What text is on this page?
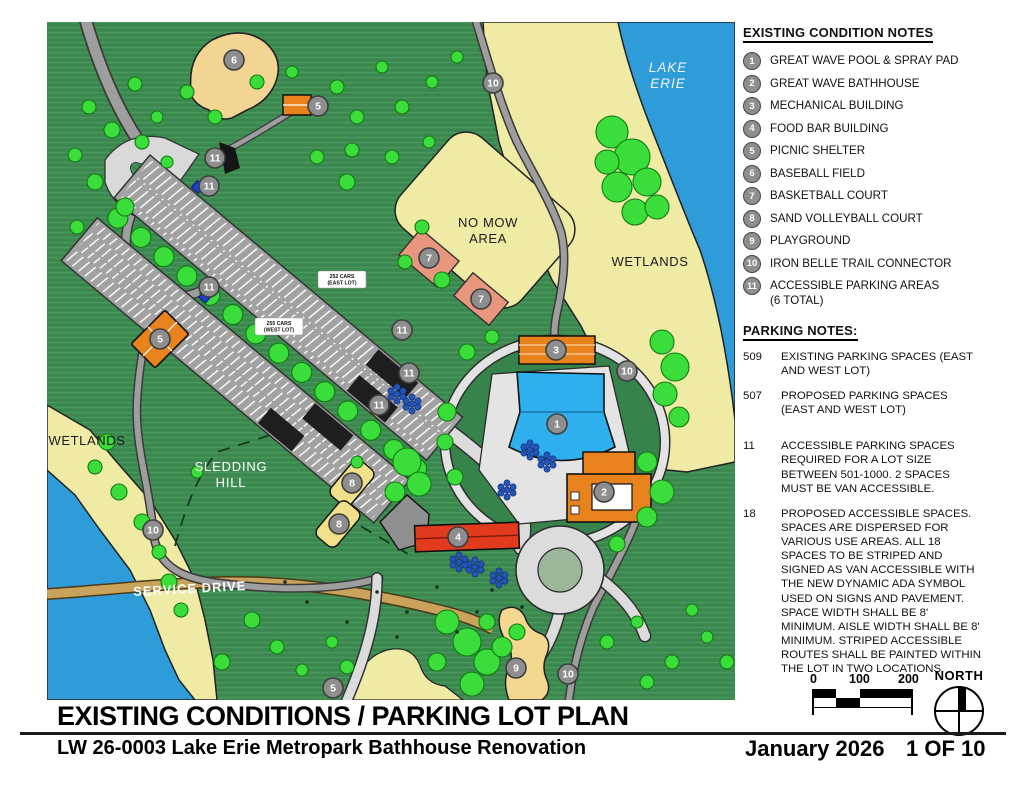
252 CARS (EAST LOT)
255 CARS (WEST LOT)
LAKE ERIE
WETLANDS
WETLANDS
NO MOW AREA
SLEDDING HILL
SERVICE DRIVE
1
2
3
4
5
5
5
6
7
7
8
8
9
10
10
10
10
11
11
11
11
11
11
EXISTING CONDITION NOTES
1	GREAT WAVE POOL & SPRAY PAD
2	GREAT WAVE BATHHOUSE
3	MECHANICAL BUILDING
4	FOOD BAR BUILDING
5	PICNIC SHELTER
6	BASEBALL FIELD
7	BASKETBALL COURT
8	SAND VOLLEYBALL COURT
9	PLAYGROUND
10	IRON BELLE TRAIL CONNECTOR
11	ACCESSIBLE PARKING AREAS
(6 TOTAL)
PARKING NOTES:
509	EXISTING PARKING SPACES (EAST AND WEST LOT)
507	PROPOSED PARKING SPACES (EAST AND WEST LOT)
11	ACCESSIBLE PARKING SPACES REQUIRED FOR A LOT SIZE BETWEEN 501-1000. 2 SPACES MUST BE VAN ACCESSIBLE.
18	PROPOSED ACCESSIBLE SPACES. SPACES ARE DISPERSED FOR VARIOUS USE AREAS. ALL 18 SPACES TO BE STRIPED AND SIGNED AS VAN ACCESSIBLE WITH THE NEW DYNAMIC ADA SYMBOL USED ON SIGNS AND PAVEMENT. SPACE WIDTH SHALL BE 8' MINIMUM. AISLE WIDTH SHALL BE 8' MINIMUM. STRIPED ACCESSIBLE ROUTES SHALL BE PAINTED WITHIN THE LOT IN TWO LOCATIONS.
0	100 200	NORTH
EXISTING CONDITIONS / PARKING LOT PLAN
LW 26-0003 Lake Erie Metropark Bathhouse Renovation	January 2026 1 OF 10
